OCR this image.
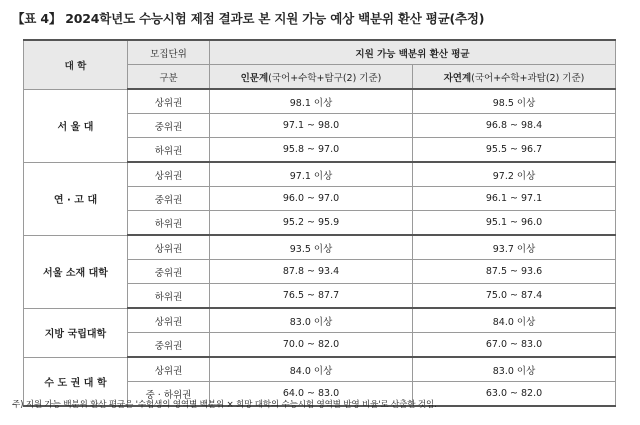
【표 4】 2024학년도 수능시험 제점 결과로 본 지원 가능 예상 백분위 환산 평균(추정)
대 학	모집단위	지원 가능 백분위 환산 평균	
	구분	인문계(국어+수학+탐구(2) 기준)	자연계(국어+수학+과탐(2) 기준)
서 울 대	상위권	98.1 이상	98.5 이상
	중위권	97.1 ~ 98.0	96.8 ~ 98.4
	하위권	95.8 ~ 97.0	95.5 ~ 96.7
연 · 고 대	상위권	97.1 이상	97.2 이상
	중위권	96.0 ~ 97.0	96.1 ~ 97.1
	하위권	95.2 ~ 95.9	95.1 ~ 96.0
서울 소재 대학	상위권	93.5 이상	93.7 이상
	중위권	87.8 ~ 93.4	87.5 ~ 93.6
	하위권	76.5 ~ 87.7	75.0 ~ 87.4
지방 국립대학	상위권	83.0 이상	84.0 이상
	중위권	70.0 ~ 82.0	67.0 ~ 83.0
수 도 권 대 학	상위권	84.0 이상	83.0 이상
	중 · 하위권	64.0 ~ 83.0	63.0 ~ 82.0
주) 지원 가능 백분위 환산 평균은 '수험생의 영역별 백분위 × 희망 대학의 수능시험 영역별 반영 비율'로 산출한 것임.
